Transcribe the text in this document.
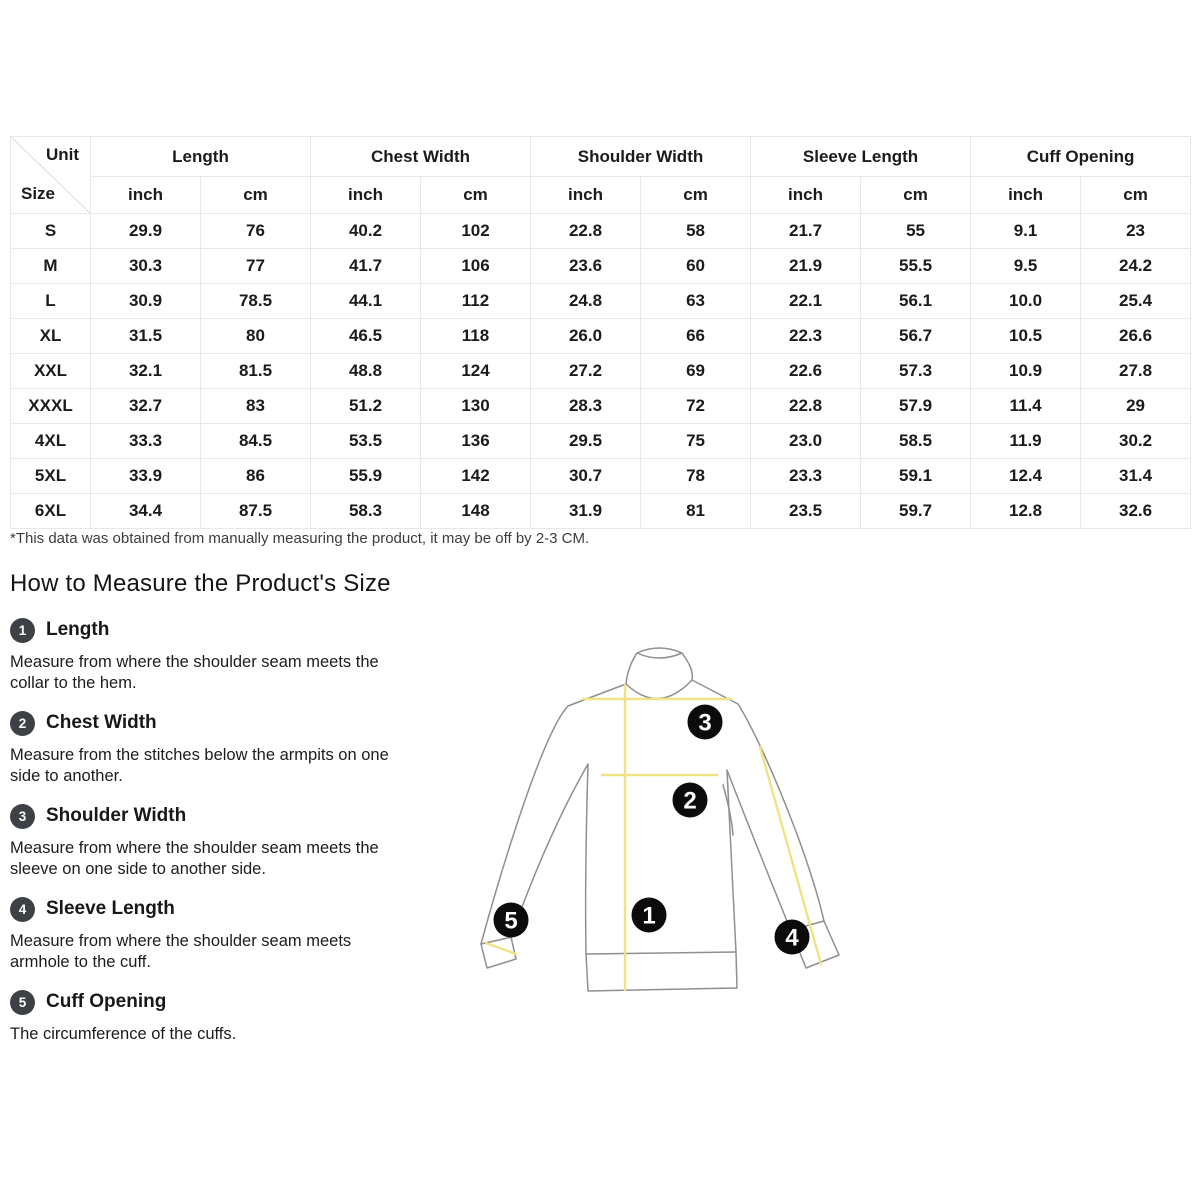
Unit
Size	Length		Chest Width		Shoulder Width		Sleeve Length		Cuff Opening	
	inch	cm	inch	cm	inch	cm	inch	cm	inch	cm
S	29.9	76	40.2	102	22.8	58	21.7	55	9.1	23
M	30.3	77	41.7	106	23.6	60	21.9	55.5	9.5	24.2
L	30.9	78.5	44.1	112	24.8	63	22.1	56.1	10.0	25.4
XL	31.5	80	46.5	118	26.0	66	22.3	56.7	10.5	26.6
XXL	32.1	81.5	48.8	124	27.2	69	22.6	57.3	10.9	27.8
XXXL	32.7	83	51.2	130	28.3	72	22.8	57.9	11.4	29
4XL	33.3	84.5	53.5	136	29.5	75	23.0	58.5	11.9	30.2
5XL	33.9	86	55.9	142	30.7	78	23.3	59.1	12.4	31.4
6XL	34.4	87.5	58.3	148	31.9	81	23.5	59.7	12.8	32.6
*This data was obtained from manually measuring the product, it may be off by 2-3 CM.
How to Measure the Product's Size
1	Length

Measure from where the shoulder seam meets the collar to the hem.

2	Chest Width

Measure from the stitches below the armpits on one side to another.

3	Shoulder Width

Measure from where the shoulder seam meets the sleeve on one side to another side.

4	Sleeve Length

Measure from where the shoulder seam meets armhole to the cuff.

5	Cuff Opening

The circumference of the cuffs.

3
2
1
5
4
